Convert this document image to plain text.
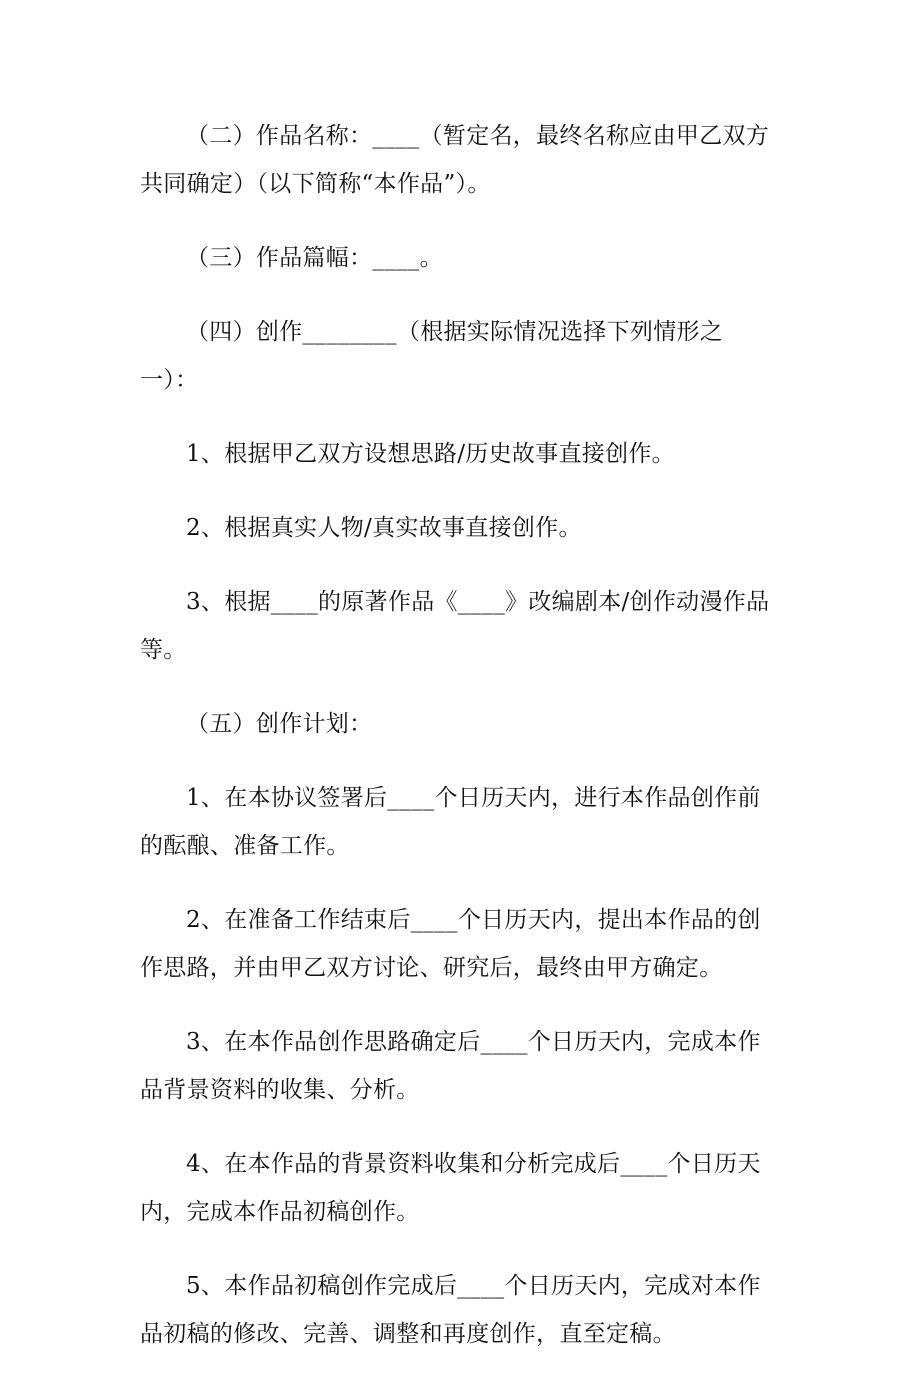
（二）作品名称：____（暂定名，最终名称应由甲乙双方共同确定）（以下简称“本作品”）。

（三）作品篇幅：____。

（四）创作________（根据实际情况选择下列情形之一）：

1、根据甲乙双方设想思路/历史故事直接创作。

2、根据真实人物/真实故事直接创作。

3、根据____的原著作品《____》改编剧本/创作动漫作品等。

（五）创作计划：

1、在本协议签署后____个日历天内，进行本作品创作前的酝酿、准备工作。

2、在准备工作结束后____个日历天内，提出本作品的创作思路，并由甲乙双方讨论、研究后，最终由甲方确定。

3、在本作品创作思路确定后____个日历天内，完成本作品背景资料的收集、分析。

4、在本作品的背景资料收集和分析完成后____个日历天内，完成本作品初稿创作。

5、本作品初稿创作完成后____个日历天内，完成对本作品初稿的修改、完善、调整和再度创作，直至定稿。
